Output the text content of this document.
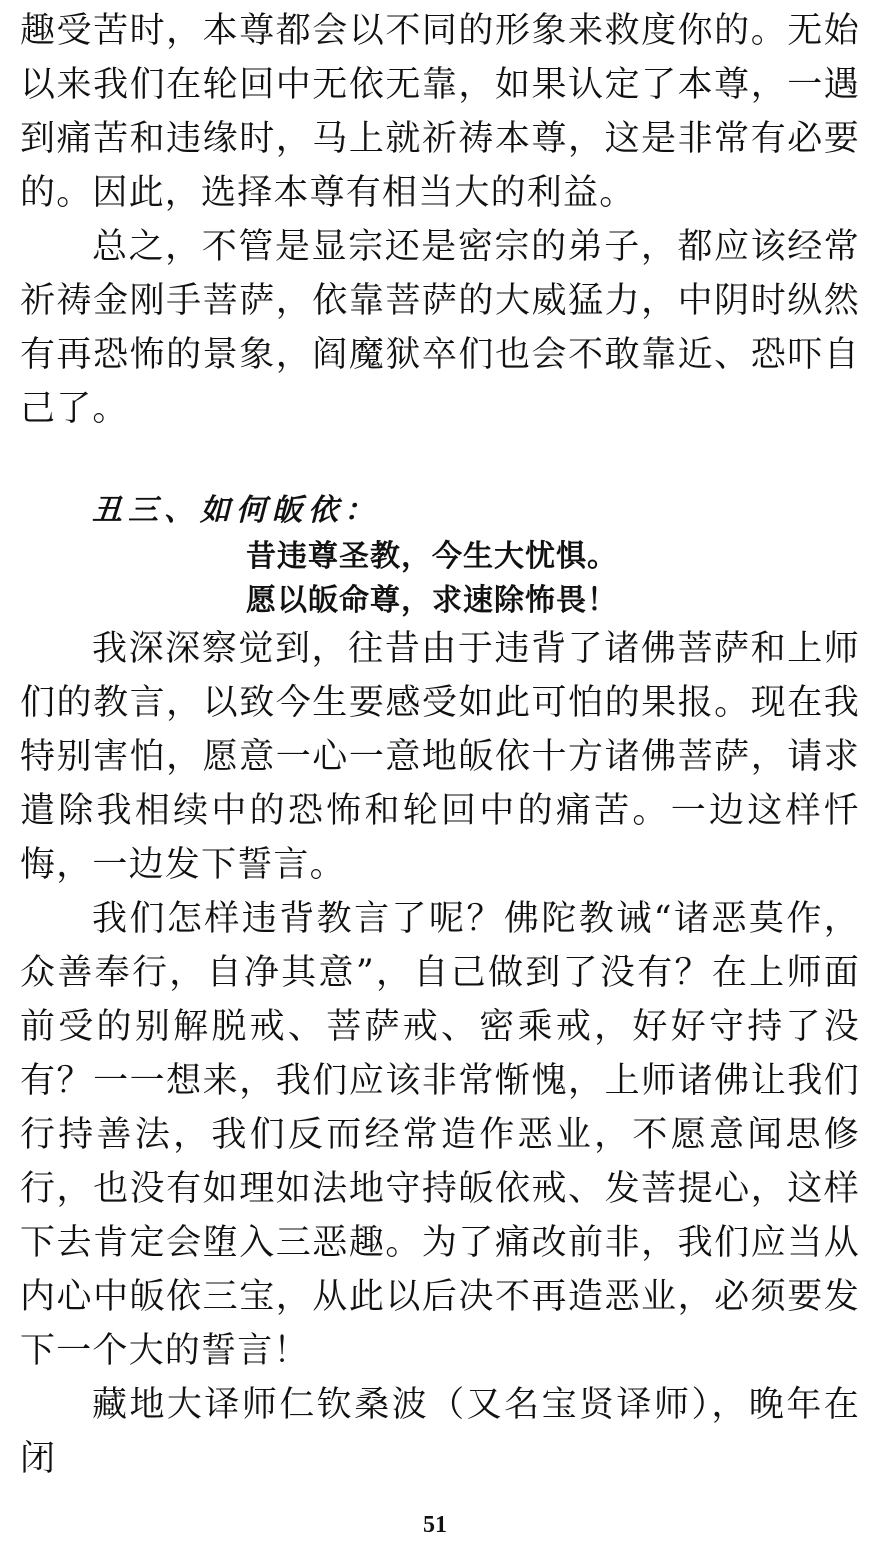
趣受苦时，本尊都会以不同的形象来救度你的。无始以来我们在轮回中无依无靠，如果认定了本尊，一遇到痛苦和违缘时，马上就祈祷本尊，这是非常有必要的。因此，选择本尊有相当大的利益。

总之，不管是显宗还是密宗的弟子，都应该经常祈祷金刚手菩萨，依靠菩萨的大威猛力，中阴时纵然有再恐怖的景象，阎魔狱卒们也会不敢靠近、恐吓自己了。

丑三、如何皈依：
昔违尊圣教，今生大忧惧。
愿以皈命尊，求速除怖畏！

我深深察觉到，往昔由于违背了诸佛菩萨和上师们的教言，以致今生要感受如此可怕的果报。现在我特别害怕，愿意一心一意地皈依十方诸佛菩萨，请求遣除我相续中的恐怖和轮回中的痛苦。一边这样忏悔，一边发下誓言。

我们怎样违背教言了呢？佛陀教诫“诸恶莫作，众善奉行，自净其意”，自己做到了没有？在上师面前受的别解脱戒、菩萨戒、密乘戒，好好守持了没有？一一想来，我们应该非常惭愧，上师诸佛让我们行持善法，我们反而经常造作恶业，不愿意闻思修行，也没有如理如法地守持皈依戒、发菩提心，这样下去肯定会堕入三恶趣。为了痛改前非，我们应当从内心中皈依三宝，从此以后决不再造恶业，必须要发下一个大的誓言！

藏地大译师仁钦桑波（又名宝贤译师），晚年在闭

51
